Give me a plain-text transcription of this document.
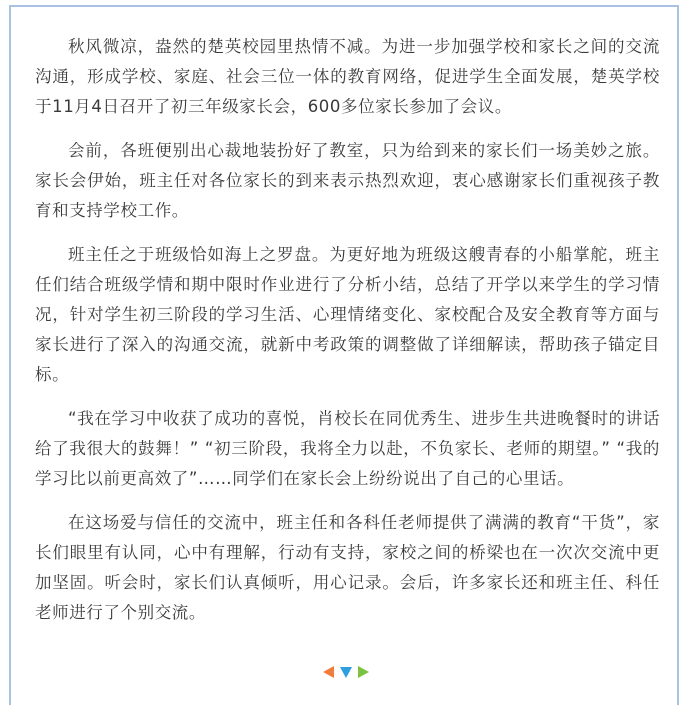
秋风微凉，盎然的楚英校园里热情不减。为进一步加强学校和家长之间的交流沟通，形成学校、家庭、社会三位一体的教育网络，促进学生全面发展，楚英学校于11月4日召开了初三年级家长会，600多位家长参加了会议。

会前，各班便别出心裁地装扮好了教室，只为给到来的家长们一场美妙之旅。家长会伊始，班主任对各位家长的到来表示热烈欢迎，衷心感谢家长们重视孩子教育和支持学校工作。

班主任之于班级恰如海上之罗盘。为更好地为班级这艘青春的小船掌舵，班主任们结合班级学情和期中限时作业进行了分析小结，总结了开学以来学生的学习情况，针对学生初三阶段的学习生活、心理情绪变化、家校配合及安全教育等方面与家长进行了深入的沟通交流，就新中考政策的调整做了详细解读，帮助孩子锚定目标。

“我在学习中收获了成功的喜悦，肖校长在同优秀生、进步生共进晚餐时的讲话给了我很大的鼓舞！” “初三阶段，我将全力以赴，不负家长、老师的期望。” “我的学习比以前更高效了”……同学们在家长会上纷纷说出了自己的心里话。

在这场爱与信任的交流中，班主任和各科任老师提供了满满的教育“干货”，家长们眼里有认同，心中有理解，行动有支持，家校之间的桥梁也在一次次交流中更加坚固。听会时，家长们认真倾听，用心记录。会后，许多家长还和班主任、科任老师进行了个别交流。
